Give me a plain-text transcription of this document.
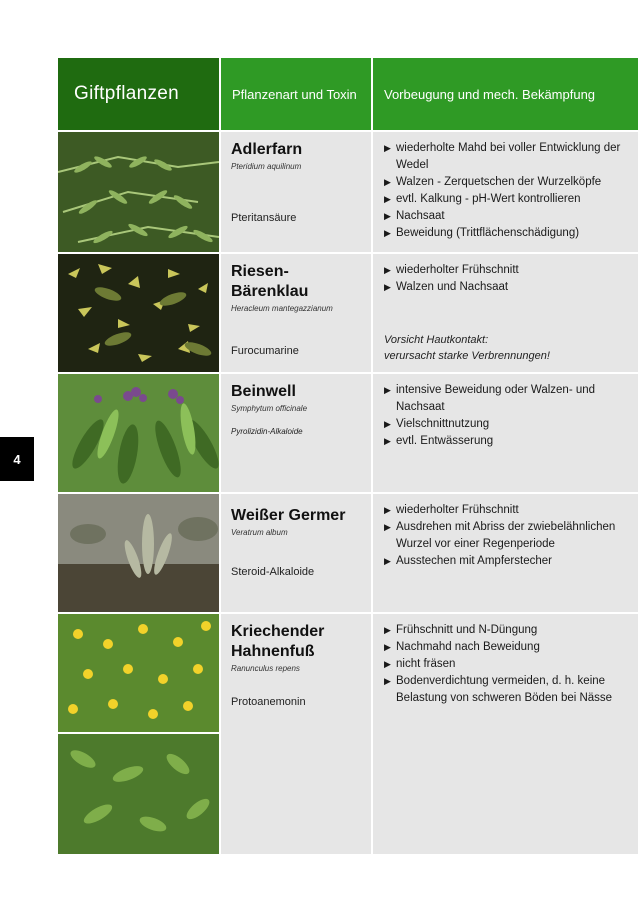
4
Giftpflanzen	Pflanzenart und Toxin	Vorbeugung und mech. Bekämpfung
Adlerfarn
Pteridium aquilinum
Pteritansäure
▶ wiederholte Mahd bei voller Entwicklung der Wedel
▶ Walzen - Zerquetschen der Wurzelköpfe
▶ evtl. Kalkung - pH-Wert kontrollieren
▶ Nachsaat
▶ Beweidung (Trittflächenschädigung)
Riesen-
Bärenklau
Heracleum mantegazzianum
Furocumarine
▶ wiederholter Frühschnitt
▶ Walzen und Nachsaat
Vorsicht Hautkontakt:
verursacht starke Verbrennungen!
Beinwell
Symphytum officinale
Pyrolizidin-Alkaloide
▶ intensive Beweidung oder Walzen- und Nachsaat
▶ Vielschnittnutzung
▶ evtl. Entwässerung
Weißer Germer
Veratrum album
Steroid-Alkaloide
▶ wiederholter Frühschnitt
▶ Ausdrehen mit Abriss der zwiebelähnlichen Wurzel vor einer Regenperiode
▶ Ausstechen mit Ampferstecher
Kriechender
Hahnenfuß
Ranunculus repens
Protoanemonin
▶ Frühschnitt und N-Düngung
▶ Nachmahd nach Beweidung
▶ nicht fräsen
▶ Bodenverdichtung vermeiden, d. h. keine Belastung von schweren Böden bei Nässe
